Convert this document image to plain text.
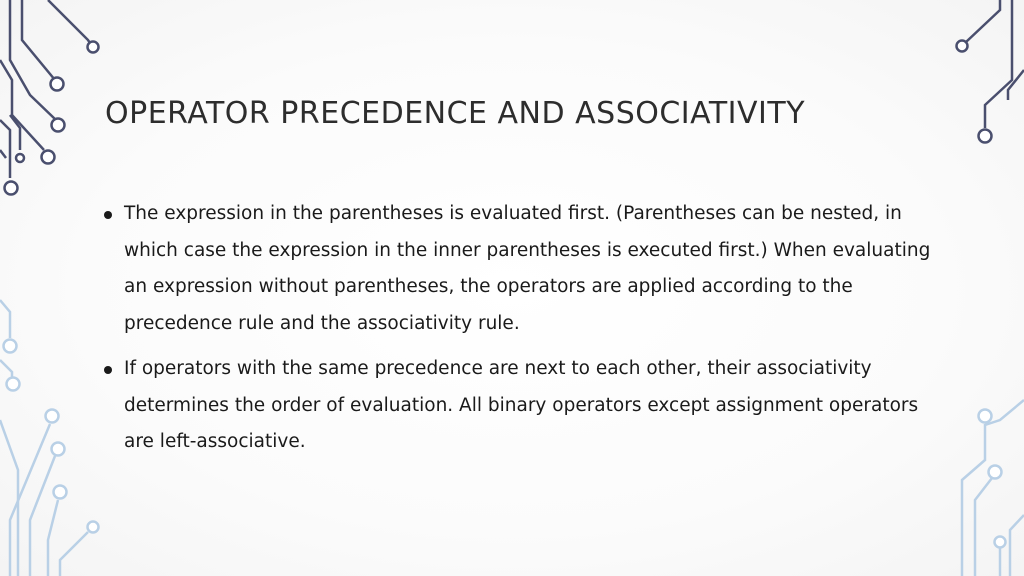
OPERATOR PRECEDENCE AND ASSOCIATIVITY
The expression in the parentheses is evaluated first. (Parentheses can be nested, in which case the expression in the inner parentheses is executed first.) When evaluating an expression without parentheses, the operators are applied according to the precedence rule and the associativity rule.
If operators with the same precedence are next to each other, their associativity determines the order of evaluation. All binary operators except assignment operators are left-associative.
